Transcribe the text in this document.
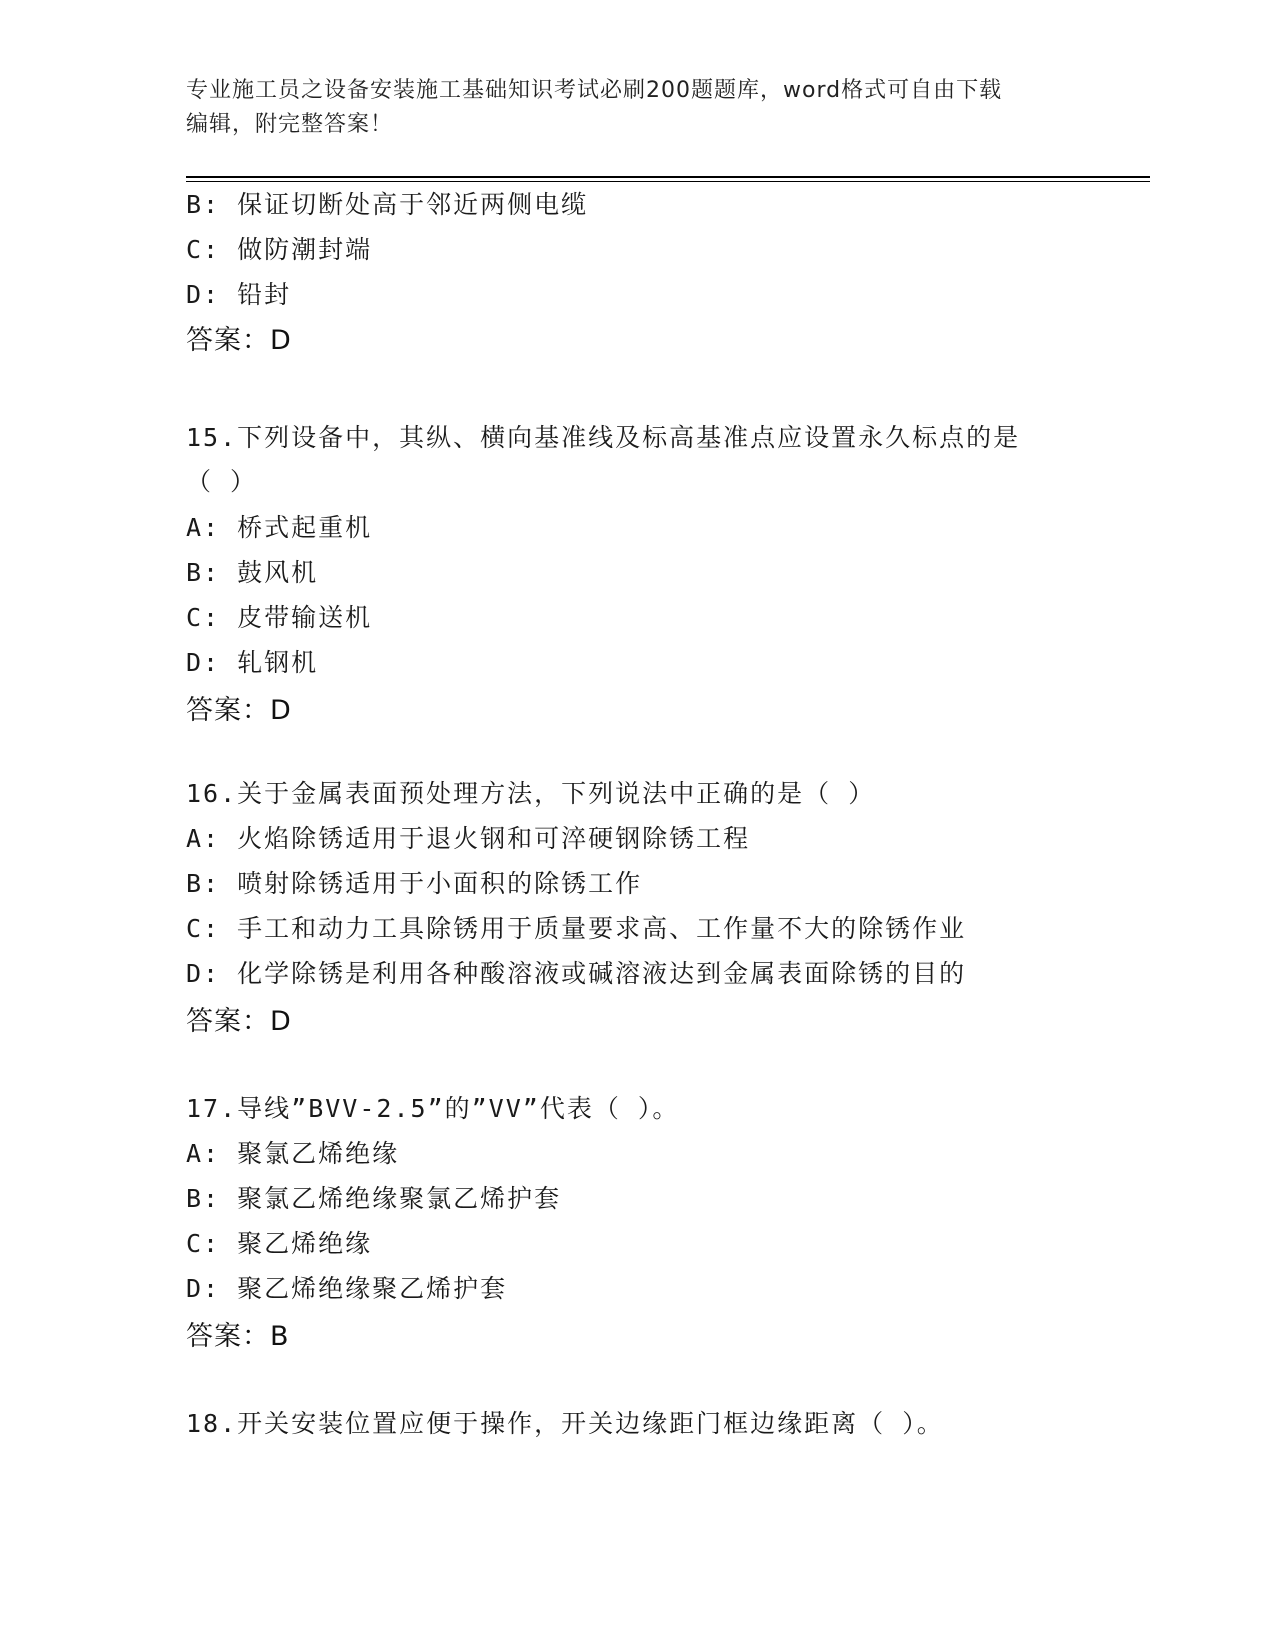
专业施工员之设备安装施工基础知识考试必刷200题题库，word格式可自由下载
编辑，附完整答案！
B: 保证切断处高于邻近两侧电缆
C: 做防潮封端
D: 铅封
答案：D
15.下列设备中，其纵、横向基准线及标高基准点应设置永久标点的是
（ ）
A: 桥式起重机
B: 鼓风机
C: 皮带输送机
D: 轧钢机
答案：D
16.关于金属表面预处理方法，下列说法中正确的是（ ）
A: 火焰除锈适用于退火钢和可淬硬钢除锈工程
B: 喷射除锈适用于小面积的除锈工作
C: 手工和动力工具除锈用于质量要求高、工作量不大的除锈作业
D: 化学除锈是利用各种酸溶液或碱溶液达到金属表面除锈的目的
答案：D
17.导线”BVV-2.5”的”VV”代表（ ）。
A: 聚氯乙烯绝缘
B: 聚氯乙烯绝缘聚氯乙烯护套
C: 聚乙烯绝缘
D: 聚乙烯绝缘聚乙烯护套
答案：B
18.开关安装位置应便于操作，开关边缘距门框边缘距离（ ）。
